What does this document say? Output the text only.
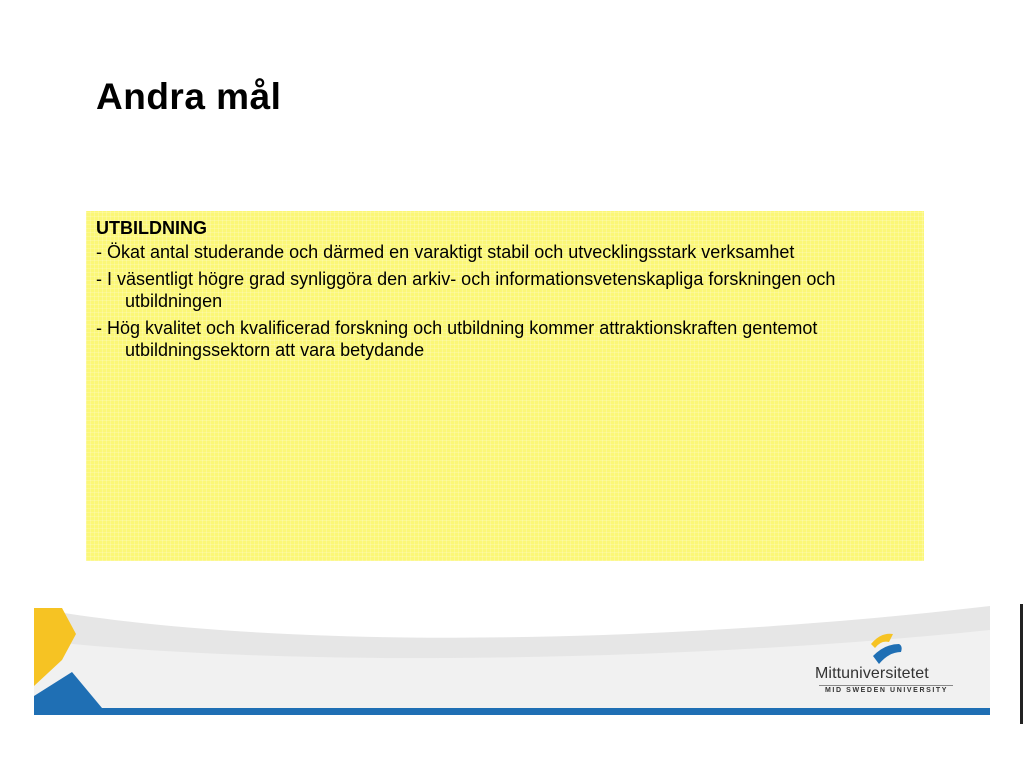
Andra mål
UTBILDNING
- Ökat antal studerande och därmed en varaktigt stabil och utvecklingsstark verksamhet
- I väsentligt högre grad synliggöra den arkiv- och informationsvetenskapliga forskningen och utbildningen
- Hög kvalitet och kvalificerad forskning och utbildning kommer attraktionskraften gentemot utbildningssektorn att vara betydande
Mittuniversitetet
MID SWEDEN UNIVERSITY
